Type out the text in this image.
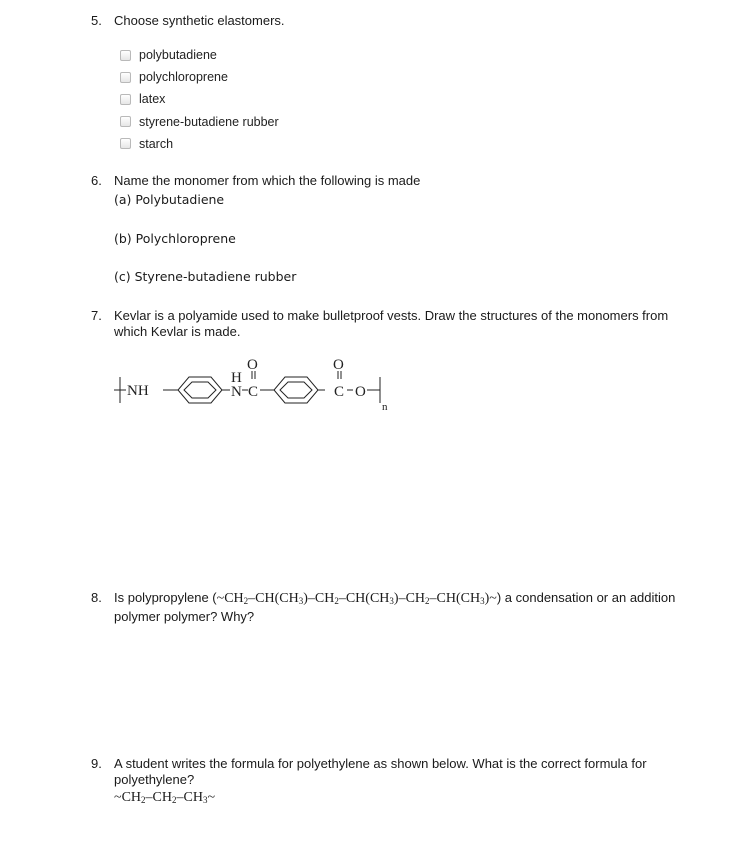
5. Choose synthetic elastomers.
polybutadiene
polychloroprene
latex
styrene-butadiene rubber
starch
6. Name the monomer from which the following is made
(a) Polybutadiene
(b) Polychloroprene
(c) Styrene-butadiene rubber
7. Kevlar is a polyamide used to make bulletproof vests. Draw the structures of the monomers from which Kevlar is made.
NH
H
N C
O
C
O
O
n
8. Is polypropylene $(\sim CH_2-CH(CH_3)-CH_2-CH(CH_3)-CH_2-CH(CH_3)\sim)$ a condensation or an addition polymer polymer? Why?
9. A student writes the formula for polyethylene as shown below. What is the correct formula for polyethylene?
$\sim CH_2-CH_2-CH_3\sim$
